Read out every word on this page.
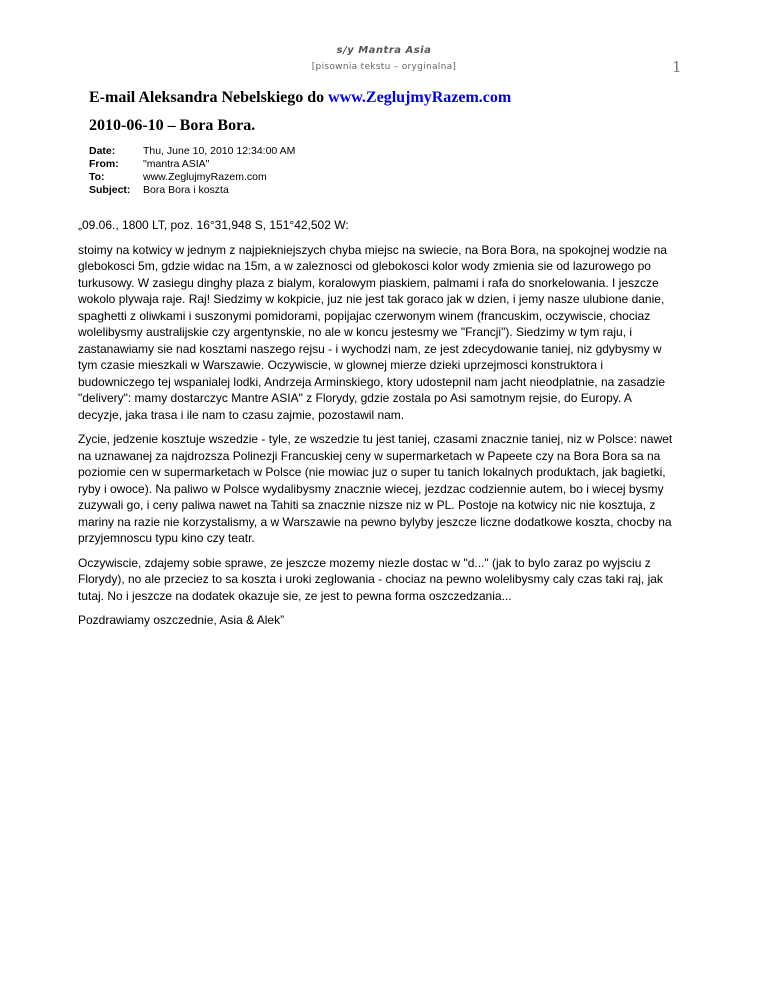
s/y Mantra Asia
[pisownia tekstu – oryginalna]	1
E-mail Aleksandra Nebelskiego do www.ZeglujmyRazem.com
2010-06-10 – Bora Bora.
Date:	Thu, June 10, 2010 12:34:00 AM
From:	"mantra ASIA"
To:	www.ZeglujmyRazem.com
Subject:	Bora Bora i koszta

„09.06., 1800 LT, poz. 16°31,948 S, 151°42,502 W:

stoimy na kotwicy w jednym z najpiekniejszych chyba miejsc na swiecie, na Bora Bora, na spokojnej wodzie na glebokosci 5m, gdzie widac na 15m, a w zaleznosci od glebokosci kolor wody zmienia sie od lazurowego po turkusowy. W zasiegu dinghy plaza z bialym, koralowym piaskiem, palmami i rafa do snorkelowania. I jeszcze wokolo plywaja raje. Raj! Siedzimy w kokpicie, juz nie jest tak goraco jak w dzien, i jemy nasze ulubione danie, spaghetti z oliwkami i suszonymi pomidorami, popijajac czerwonym winem (francuskim, oczywiscie, chociaz wolelibysmy australijskie czy argentynskie, no ale w koncu jestesmy we "Francji"). Siedzimy w tym raju, i zastanawiamy sie nad kosztami naszego rejsu - i wychodzi nam, ze jest zdecydowanie taniej, niz gdybysmy w tym czasie mieszkali w Warszawie. Oczywiscie, w glownej mierze dzieki uprzejmosci konstruktora i budowniczego tej wspanialej lodki, Andrzeja Arminskiego, ktory udostepnil nam jacht nieodplatnie, na zasadzie "delivery": mamy dostarczyc Mantre ASIA" z Florydy, gdzie zostala po Asi samotnym rejsie, do Europy. A decyzje, jaka trasa i ile nam to czasu zajmie, pozostawil nam.

Zycie, jedzenie kosztuje wszedzie - tyle, ze wszedzie tu jest taniej, czasami znacznie taniej, niz w Polsce: nawet na uznawanej za najdrozsza Polinezji Francuskiej ceny w supermarketach w Papeete czy na Bora Bora sa na poziomie cen w supermarketach w Polsce (nie mowiac juz o super tu tanich lokalnych produktach, jak bagietki, ryby i owoce). Na paliwo w Polsce wydalibysmy znacznie wiecej, jezdzac codziennie autem, bo i wiecej bysmy zuzywali go, i ceny paliwa nawet na Tahiti sa znacznie nizsze niz w PL. Postoje na kotwicy nic nie kosztuja, z mariny na razie nie korzystalismy, a w Warszawie na pewno bylyby jeszcze liczne dodatkowe koszta, chocby na przyjemnoscu typu kino czy teatr.

Oczywiscie, zdajemy sobie sprawe, ze jeszcze mozemy niezle dostac w "d..." (jak to bylo zaraz po wyjsciu z Florydy), no ale przeciez to sa koszta i uroki zeglowania - chociaz na pewno wolelibysmy caly czas taki raj, jak tutaj. No i jeszcze na dodatek okazuje sie, ze jest to pewna forma oszczedzania...

Pozdrawiamy oszczednie, Asia & Alek”
